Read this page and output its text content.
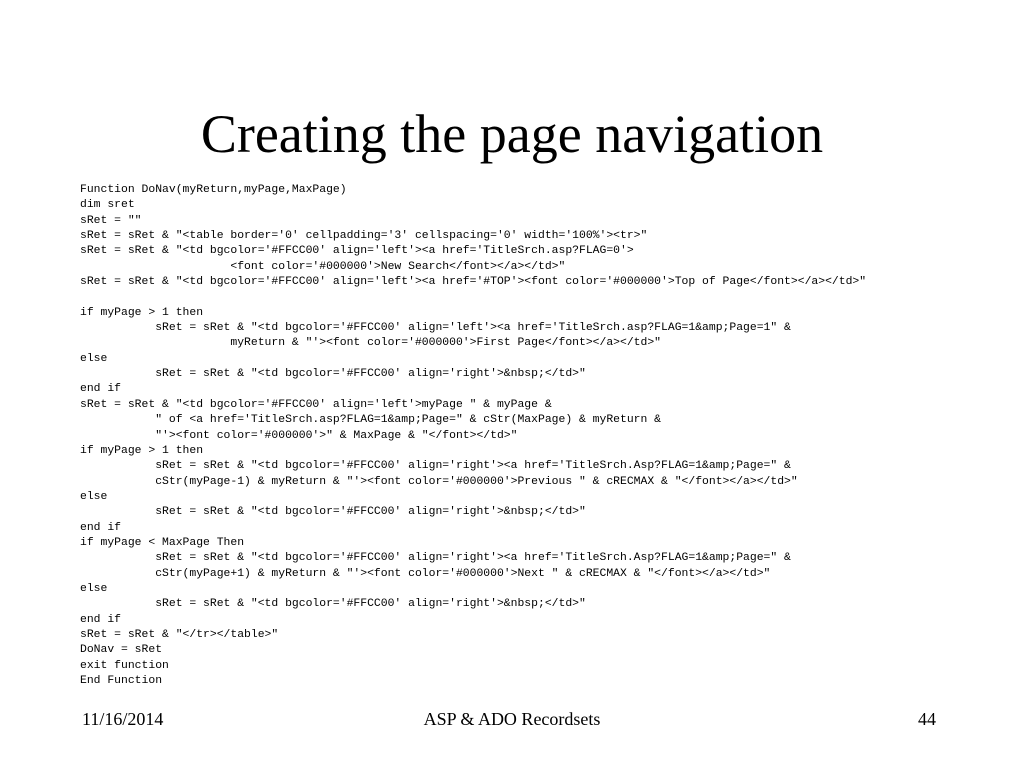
Creating the page navigation
Function DoNav(myReturn,myPage,MaxPage)
dim sret
sRet = ""
sRet = sRet & "<table border='0' cellpadding='3' cellspacing='0' width='100%'><tr>"
sRet = sRet & "<td bgcolor='#FFCC00' align='left'><a href='TitleSrch.asp?FLAG=0'>
<font color='#000000'>New Search</font></a></td>"
sRet = sRet & "<td bgcolor='#FFCC00' align='left'><a href='#TOP'><font color='#000000'>Top of Page</font></a></td>"
if myPage > 1 then
sRet = sRet & "<td bgcolor='#FFCC00' align='left'><a href='TitleSrch.asp?FLAG=1&amp;Page=1" &
myReturn & "'><font color='#000000'>First Page</font></a></td>"
else
sRet = sRet & "<td bgcolor='#FFCC00' align='right'>&nbsp;</td>"
end if
sRet = sRet & "<td bgcolor='#FFCC00' align='left'>myPage " & myPage &
" of <a href='TitleSrch.asp?FLAG=1&amp;Page=" & cStr(MaxPage) & myReturn &
"'><font color='#000000'>" & MaxPage & "</font></td>"
if myPage > 1 then
sRet = sRet & "<td bgcolor='#FFCC00' align='right'><a href='TitleSrch.Asp?FLAG=1&amp;Page=" &
cStr(myPage-1) & myReturn & "'><font color='#000000'>Previous " & cRECMAX & "</font></a></td>"
else
sRet = sRet & "<td bgcolor='#FFCC00' align='right'>&nbsp;</td>"
end if
if myPage < MaxPage Then
sRet = sRet & "<td bgcolor='#FFCC00' align='right'><a href='TitleSrch.Asp?FLAG=1&amp;Page=" &
cStr(myPage+1) & myReturn & "'><font color='#000000'>Next " & cRECMAX & "</font></a></td>"
else
sRet = sRet & "<td bgcolor='#FFCC00' align='right'>&nbsp;</td>"
end if
sRet = sRet & "</tr></table>"
DoNav = sRet
exit function
End Function
11/16/2014	ASP & ADO Recordsets	44
